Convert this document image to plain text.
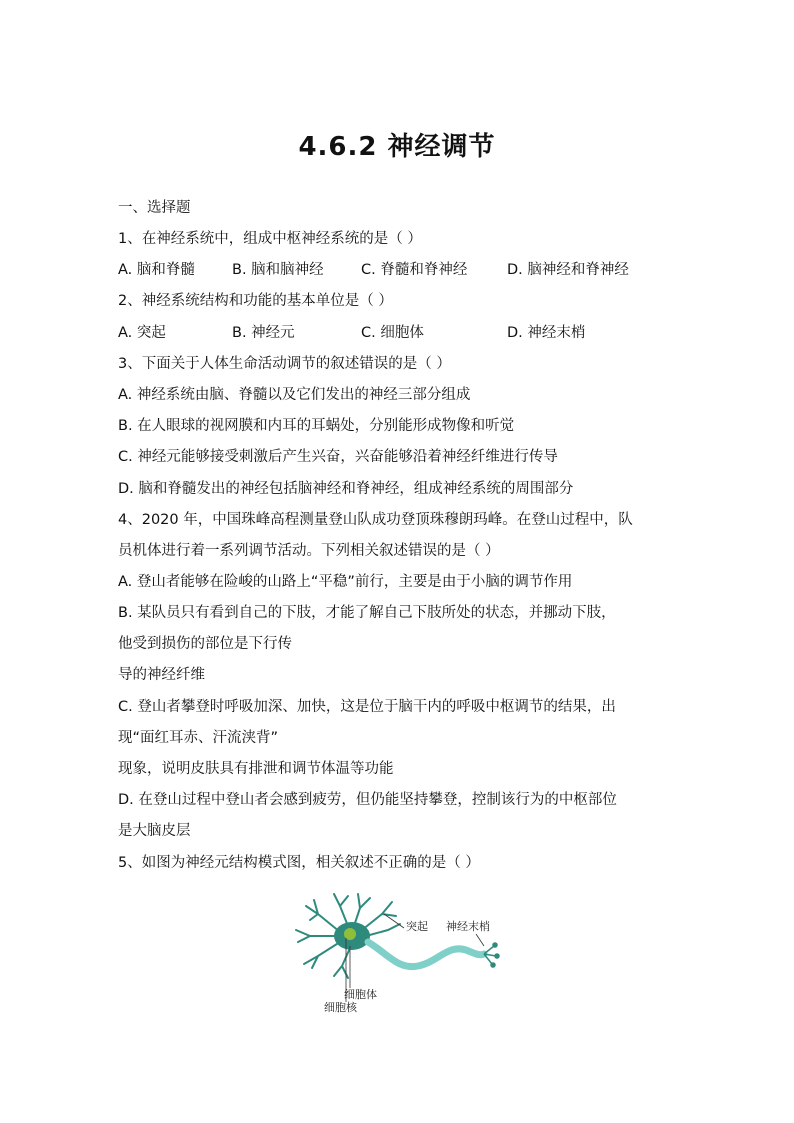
4.6.2 神经调节
一、选择题
1、在神经系统中，组成中枢神经系统的是（ ）
A. 脑和脊髓	B. 脑和脑神经	C. 脊髓和脊神经	D. 脑神经和脊神经
2、神经系统结构和功能的基本单位是（ ）
A. 突起	B. 神经元	C. 细胞体	D. 神经末梢
3、下面关于人体生命活动调节的叙述错误的是（ ）
A. 神经系统由脑、脊髓以及它们发出的神经三部分组成
B. 在人眼球的视网膜和内耳的耳蜗处，分别能形成物像和听觉
C. 神经元能够接受刺激后产生兴奋，兴奋能够沿着神经纤维进行传导
D. 脑和脊髓发出的神经包括脑神经和脊神经，组成神经系统的周围部分
4、2020 年，中国珠峰高程测量登山队成功登顶珠穆朗玛峰。在登山过程中，队
员机体进行着一系列调节活动。下列相关叙述错误的是（ ）
A. 登山者能够在险峻的山路上“平稳”前行，主要是由于小脑的调节作用
B. 某队员只有看到自己的下肢，才能了解自己下肢所处的状态，并挪动下肢，
他受到损伤的部位是下行传
导的神经纤维
C. 登山者攀登时呼吸加深、加快，这是位于脑干内的呼吸中枢调节的结果，出
现“面红耳赤、汗流浃背”
现象，说明皮肤具有排泄和调节体温等功能
D. 在登山过程中登山者会感到疲劳，但仍能坚持攀登，控制该行为的中枢部位
是大脑皮层
5、如图为神经元结构模式图，相关叙述不正确的是（ ）
突起 神经末梢
细胞体
细胞核
